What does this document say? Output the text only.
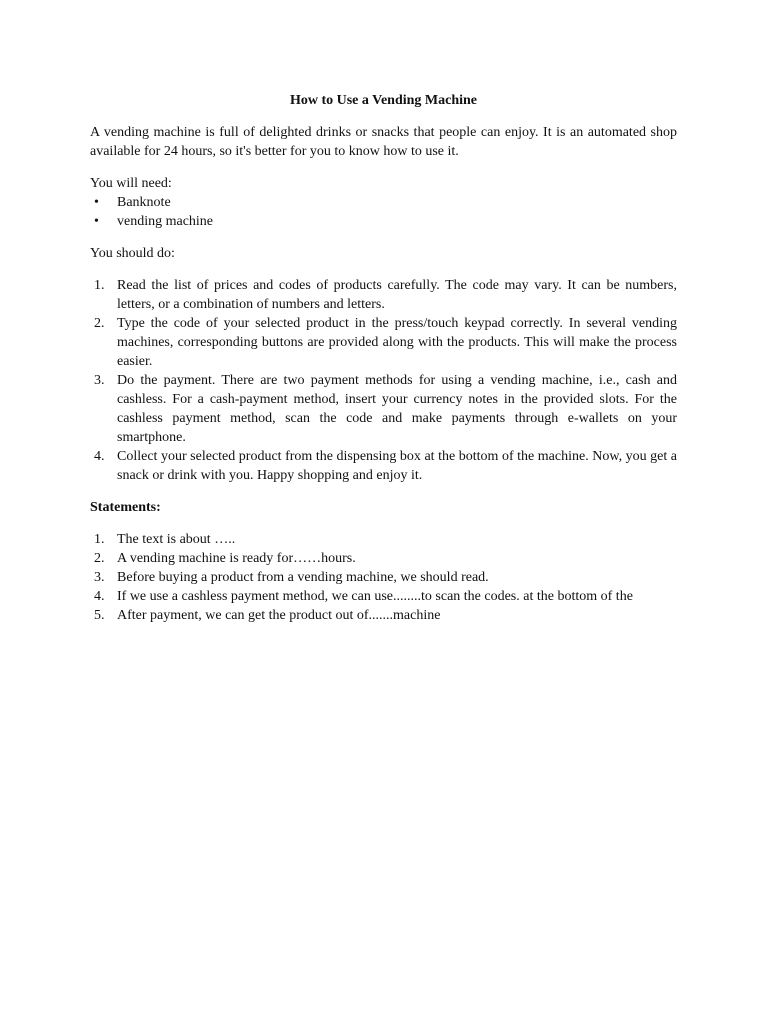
How to Use a Vending Machine

A vending machine is full of delighted drinks or snacks that people can enjoy. It is an automated shop available for 24 hours, so it's better for you to know how to use it.

You will need:

• Banknote
• vending machine

You should do:

1. Read the list of prices and codes of products carefully. The code may vary. It can be numbers, letters, or a combination of numbers and letters.
2. Type the code of your selected product in the press/touch keypad correctly. In several vending machines, corresponding buttons are provided along with the products. This will make the process easier.
3. Do the payment. There are two payment methods for using a vending machine, i.e., cash and cashless. For a cash-payment method, insert your currency notes in the provided slots. For the cashless payment method, scan the code and make payments through e-wallets on your smartphone.
4. Collect your selected product from the dispensing box at the bottom of the machine. Now, you get a snack or drink with you. Happy shopping and enjoy it.

Statements:

1. The text is about …..
2. A vending machine is ready for……hours.
3. Before buying a product from a vending machine, we should read.
4. If we use a cashless payment method, we can use........to scan the codes. at the bottom of the
5. After payment, we can get the product out of.......machine
